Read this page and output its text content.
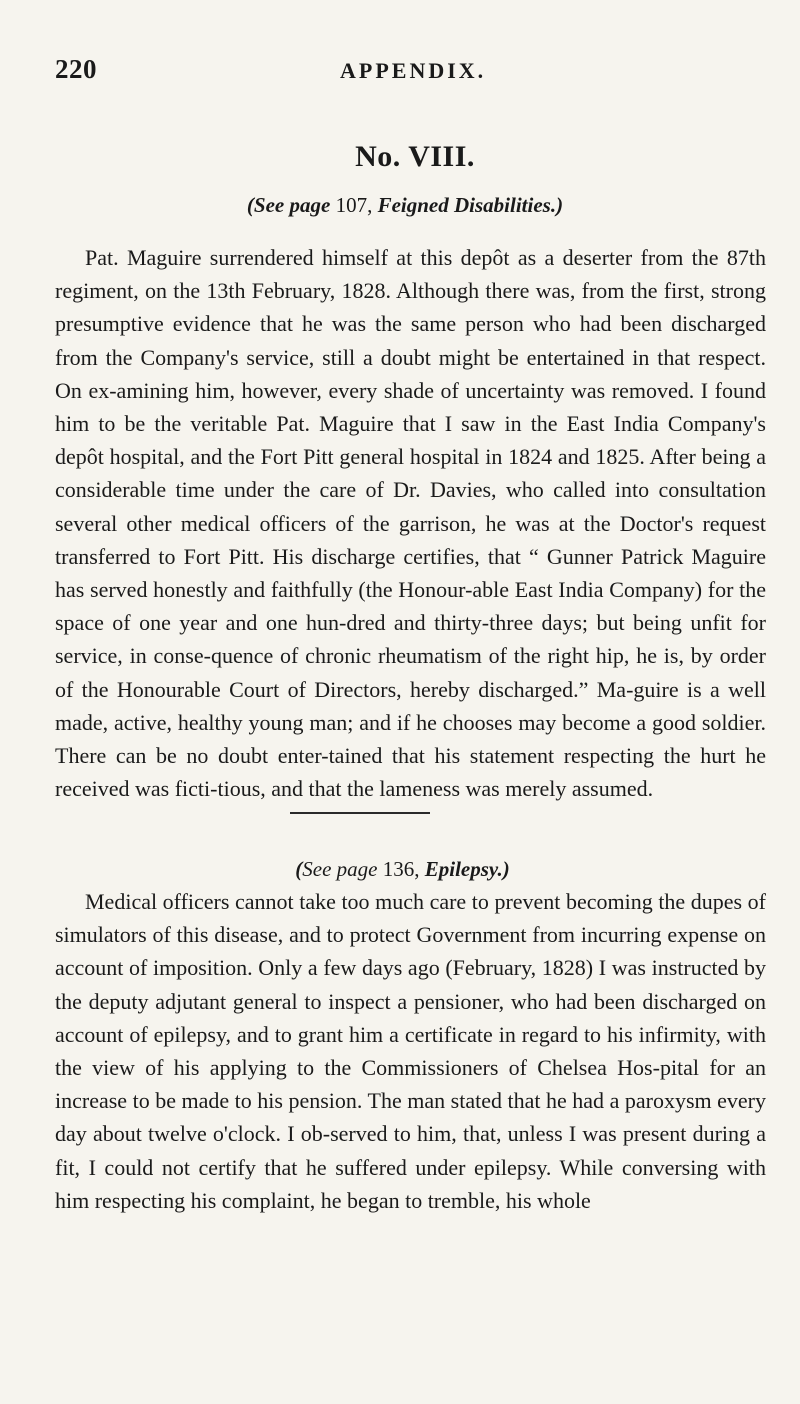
220	APPENDIX.
No. VIII.
(See page 107, Feigned Disabilities.)

Pat. Maguire surrendered himself at this depôt as a deserter from the 87th regiment, on the 13th February, 1828. Although there was, from the first, strong presumptive evidence that he was the same person who had been discharged from the Company's service, still a doubt might be entertained in that respect. On ex-amining him, however, every shade of uncertainty was removed. I found him to be the veritable Pat. Maguire that I saw in the East India Company's depôt hospital, and the Fort Pitt general hospital in 1824 and 1825. After being a considerable time under the care of Dr. Davies, who called into consultation several other medical officers of the garrison, he was at the Doctor's request transferred to Fort Pitt. His discharge certifies, that “ Gunner Patrick Maguire has served honestly and faithfully (the Honour-able East India Company) for the space of one year and one hun-dred and thirty-three days; but being unfit for service, in conse-quence of chronic rheumatism of the right hip, he is, by order of the Honourable Court of Directors, hereby discharged.” Ma-guire is a well made, active, healthy young man; and if he chooses may become a good soldier. There can be no doubt enter-tained that his statement respecting the hurt he received was ficti-tious, and that the lameness was merely assumed.

(See page 136, Epilepsy.)

Medical officers cannot take too much care to prevent becoming the dupes of simulators of this disease, and to protect Government from incurring expense on account of imposition. Only a few days ago (February, 1828) I was instructed by the deputy adjutant general to inspect a pensioner, who had been discharged on account of epilepsy, and to grant him a certificate in regard to his infirmity, with the view of his applying to the Commissioners of Chelsea Hos-pital for an increase to be made to his pension. The man stated that he had a paroxysm every day about twelve o'clock. I ob-served to him, that, unless I was present during a fit, I could not certify that he suffered under epilepsy. While conversing with him respecting his complaint, he began to tremble, his whole
